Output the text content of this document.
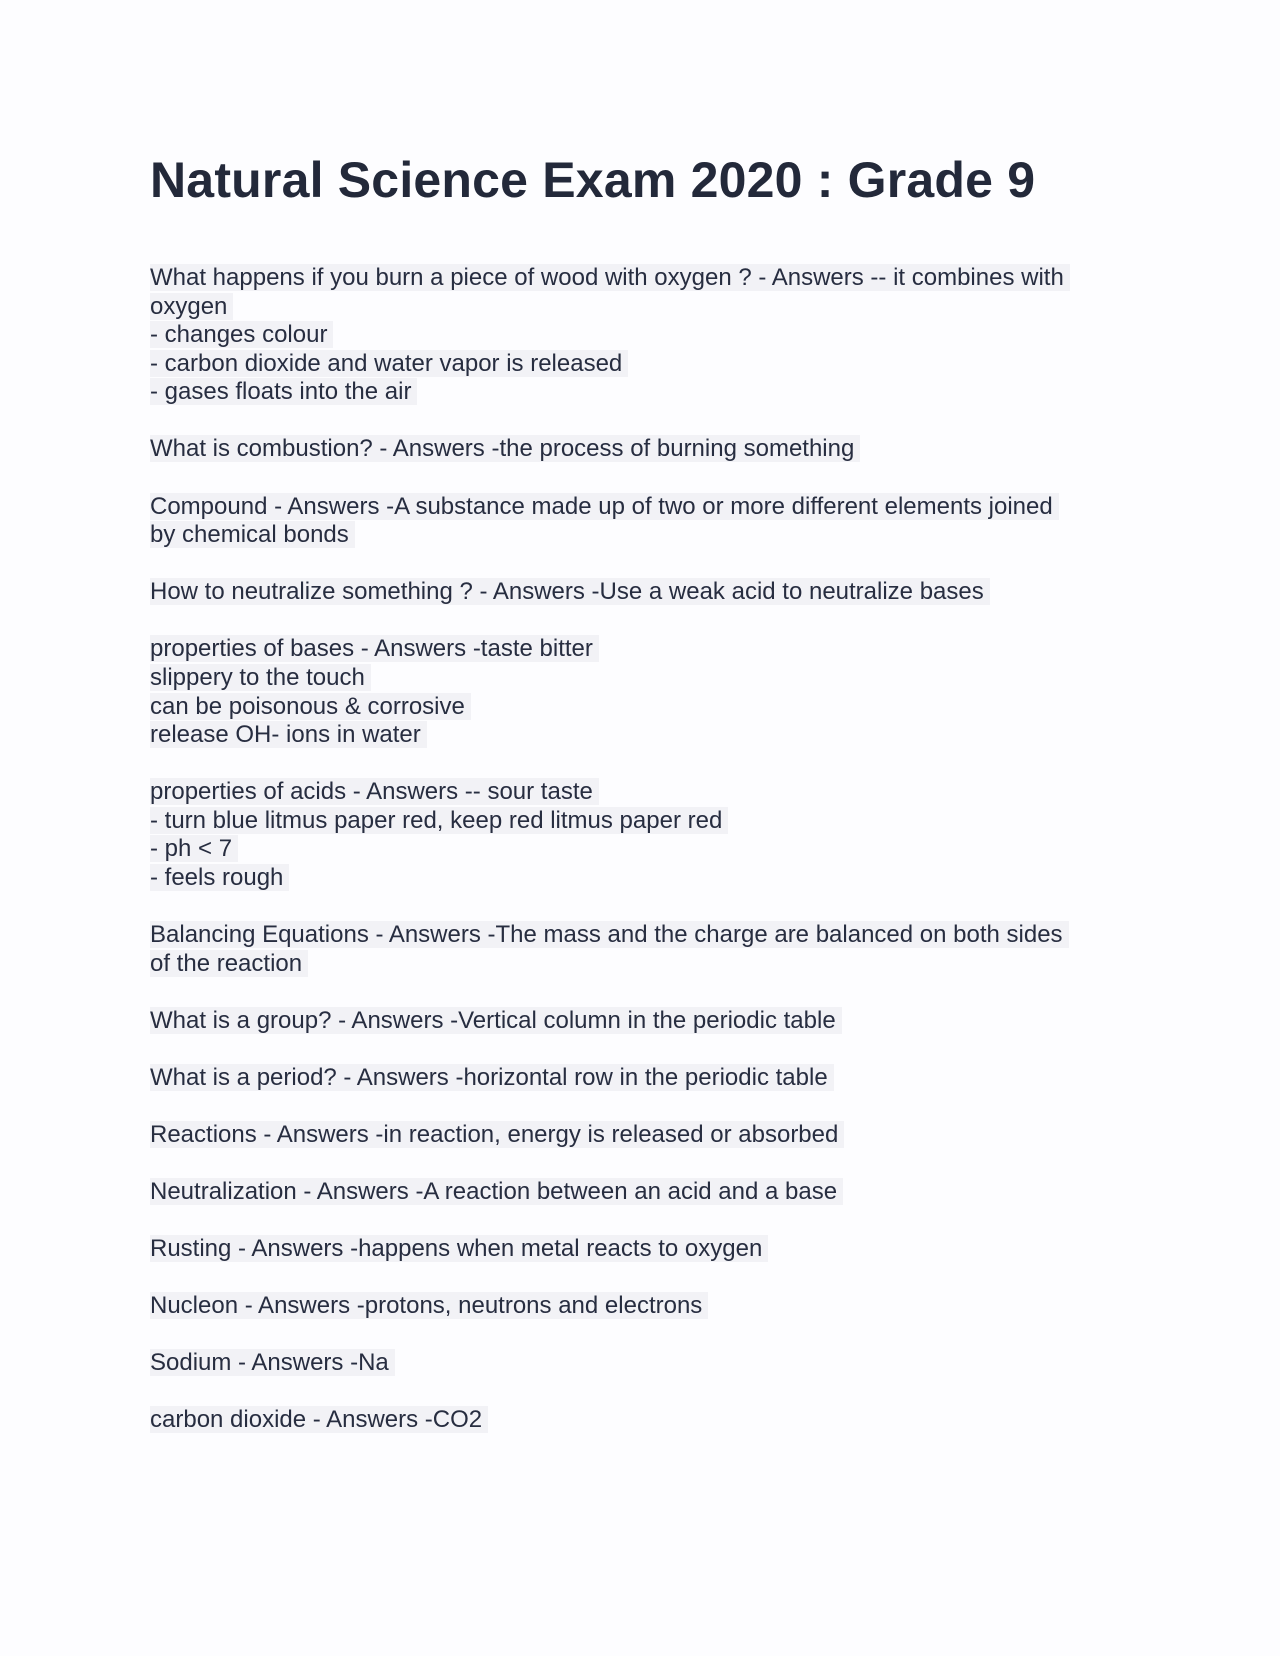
Natural Science Exam 2020 : Grade 9
What happens if you burn a piece of wood with oxygen ? - Answers -- it combines with
oxygen
- changes colour
- carbon dioxide and water vapor is released
- gases floats into the air
What is combustion? - Answers -the process of burning something
Compound - Answers -A substance made up of two or more different elements joined
by chemical bonds
How to neutralize something ? - Answers -Use a weak acid to neutralize bases
properties of bases - Answers -taste bitter
slippery to the touch
can be poisonous & corrosive
release OH- ions in water
properties of acids - Answers -- sour taste
- turn blue litmus paper red, keep red litmus paper red
- ph < 7
- feels rough
Balancing Equations - Answers -The mass and the charge are balanced on both sides
of the reaction
What is a group? - Answers -Vertical column in the periodic table
What is a period? - Answers -horizontal row in the periodic table
Reactions - Answers -in reaction, energy is released or absorbed
Neutralization - Answers -A reaction between an acid and a base
Rusting - Answers -happens when metal reacts to oxygen
Nucleon - Answers -protons, neutrons and electrons
Sodium - Answers -Na
carbon dioxide - Answers -CO2
